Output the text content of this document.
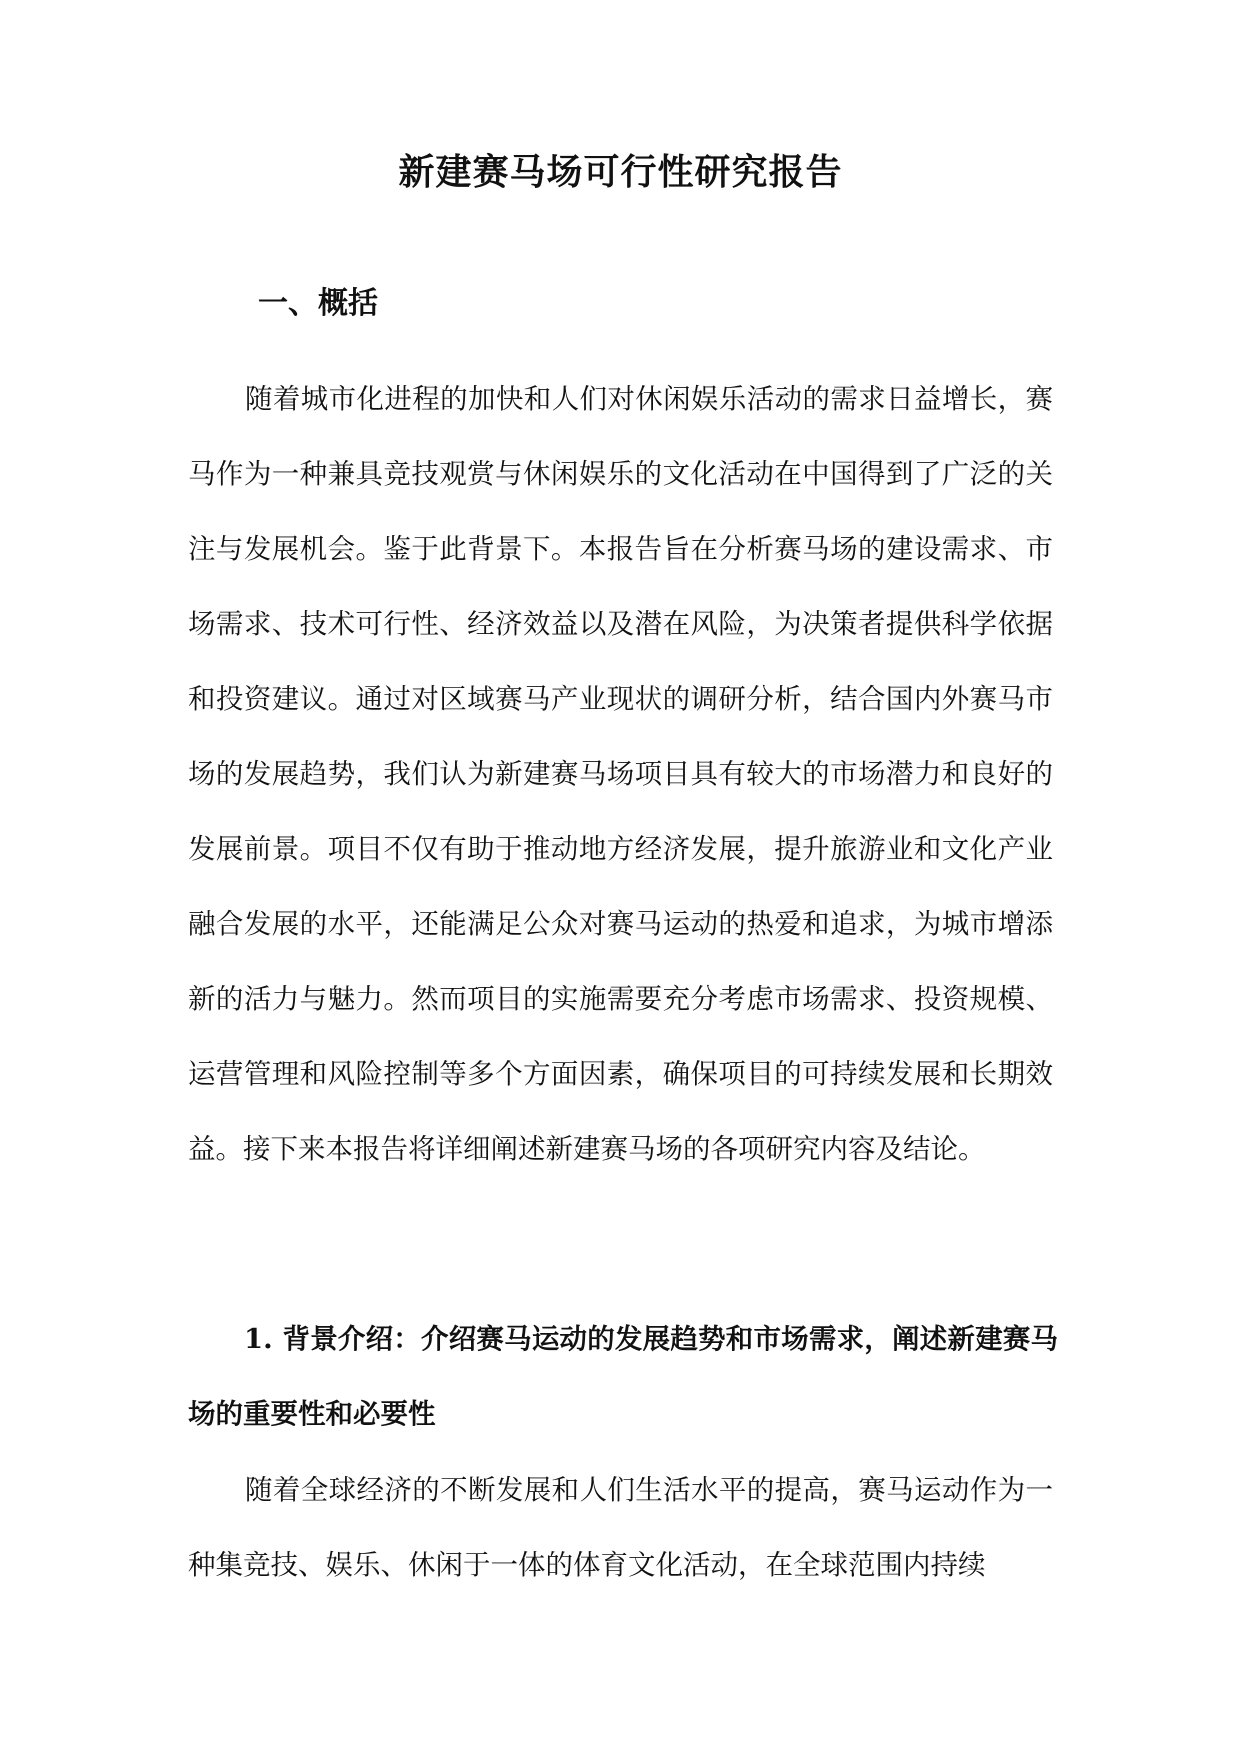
新建赛马场可行性研究报告
一、概括
随着城市化进程的加快和人们对休闲娱乐活动的需求日益增长，赛马作为一种兼具竞技观赏与休闲娱乐的文化活动在中国得到了广泛的关注与发展机会。鉴于此背景下。本报告旨在分析赛马场的建设需求、市场需求、技术可行性、经济效益以及潜在风险，为决策者提供科学依据和投资建议。通过对区域赛马产业现状的调研分析，结合国内外赛马市场的发展趋势，我们认为新建赛马场项目具有较大的市场潜力和良好的发展前景。项目不仅有助于推动地方经济发展，提升旅游业和文化产业融合发展的水平，还能满足公众对赛马运动的热爱和追求，为城市增添新的活力与魅力。然而项目的实施需要充分考虑市场需求、投资规模、运营管理和风险控制等多个方面因素，确保项目的可持续发展和长期效益。接下来本报告将详细阐述新建赛马场的各项研究内容及结论。
1. 背景介绍：介绍赛马运动的发展趋势和市场需求，阐述新建赛马场的重要性和必要性
随着全球经济的不断发展和人们生活水平的提高，赛马运动作为一种集竞技、娱乐、休闲于一体的体育文化活动，在全球范围内持续
